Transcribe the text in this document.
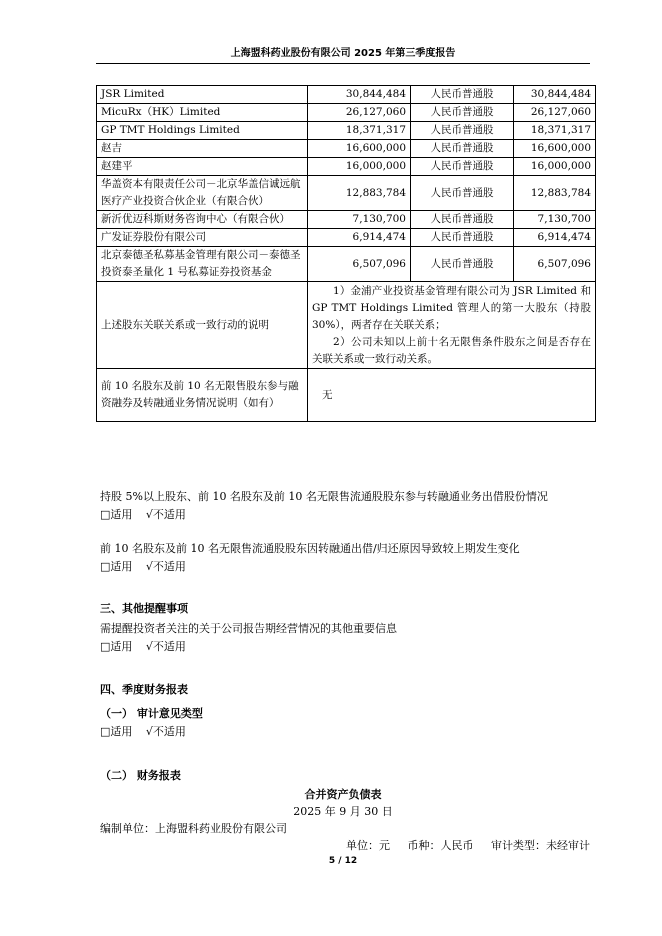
上海盟科药业股份有限公司 2025 年第三季度报告
JSR Limited	30,844,484	人民币普通股	30,844,484
MicuRx（HK）Limited	26,127,060	人民币普通股	26,127,060
GP TMT Holdings Limited	18,371,317	人民币普通股	18,371,317
赵吉	16,600,000	人民币普通股	16,600,000
赵建平	16,000,000	人民币普通股	16,000,000
华盖资本有限责任公司－北京华盖信诚远航医疗产业投资合伙企业（有限合伙）	12,883,784	人民币普通股	12,883,784
新沂优迈科斯财务咨询中心（有限合伙）	7,130,700	人民币普通股	7,130,700
广发证券股份有限公司	6,914,474	人民币普通股	6,914,474
北京泰德圣私募基金管理有限公司－泰德圣投资泰圣量化 1 号私募证券投资基金	6,507,096	人民币普通股	6,507,096
上述股东关联关系或一致行动的说明	1）金浦产业投资基金管理有限公司为 JSR Limited 和 GP TMT Holdings Limited 管理人的第一大股东（持股 30%），两者存在关联关系；

2）公司未知以上前十名无限售条件股东之间是否存在关联关系或一致行动关系。		

前 10 名股东及前 10 名无限售股东参与融资融券及转融通业务情况说明（如有）	无		
持股 5%以上股东、前 10 名股东及前 10 名无限售流通股股东参与转融通业务出借股份情况
□适用 √不适用
前 10 名股东及前 10 名无限售流通股股东因转融通出借/归还原因导致较上期发生变化
□适用 √不适用
三、其他提醒事项
需提醒投资者关注的关于公司报告期经营情况的其他重要信息
□适用 √不适用
四、季度财务报表
（一） 审计意见类型
□适用 √不适用
（二） 财务报表
合并资产负债表
2025 年 9 月 30 日
编制单位：上海盟科药业股份有限公司
单位：元 币种：人民币 审计类型：未经审计
5 / 12
